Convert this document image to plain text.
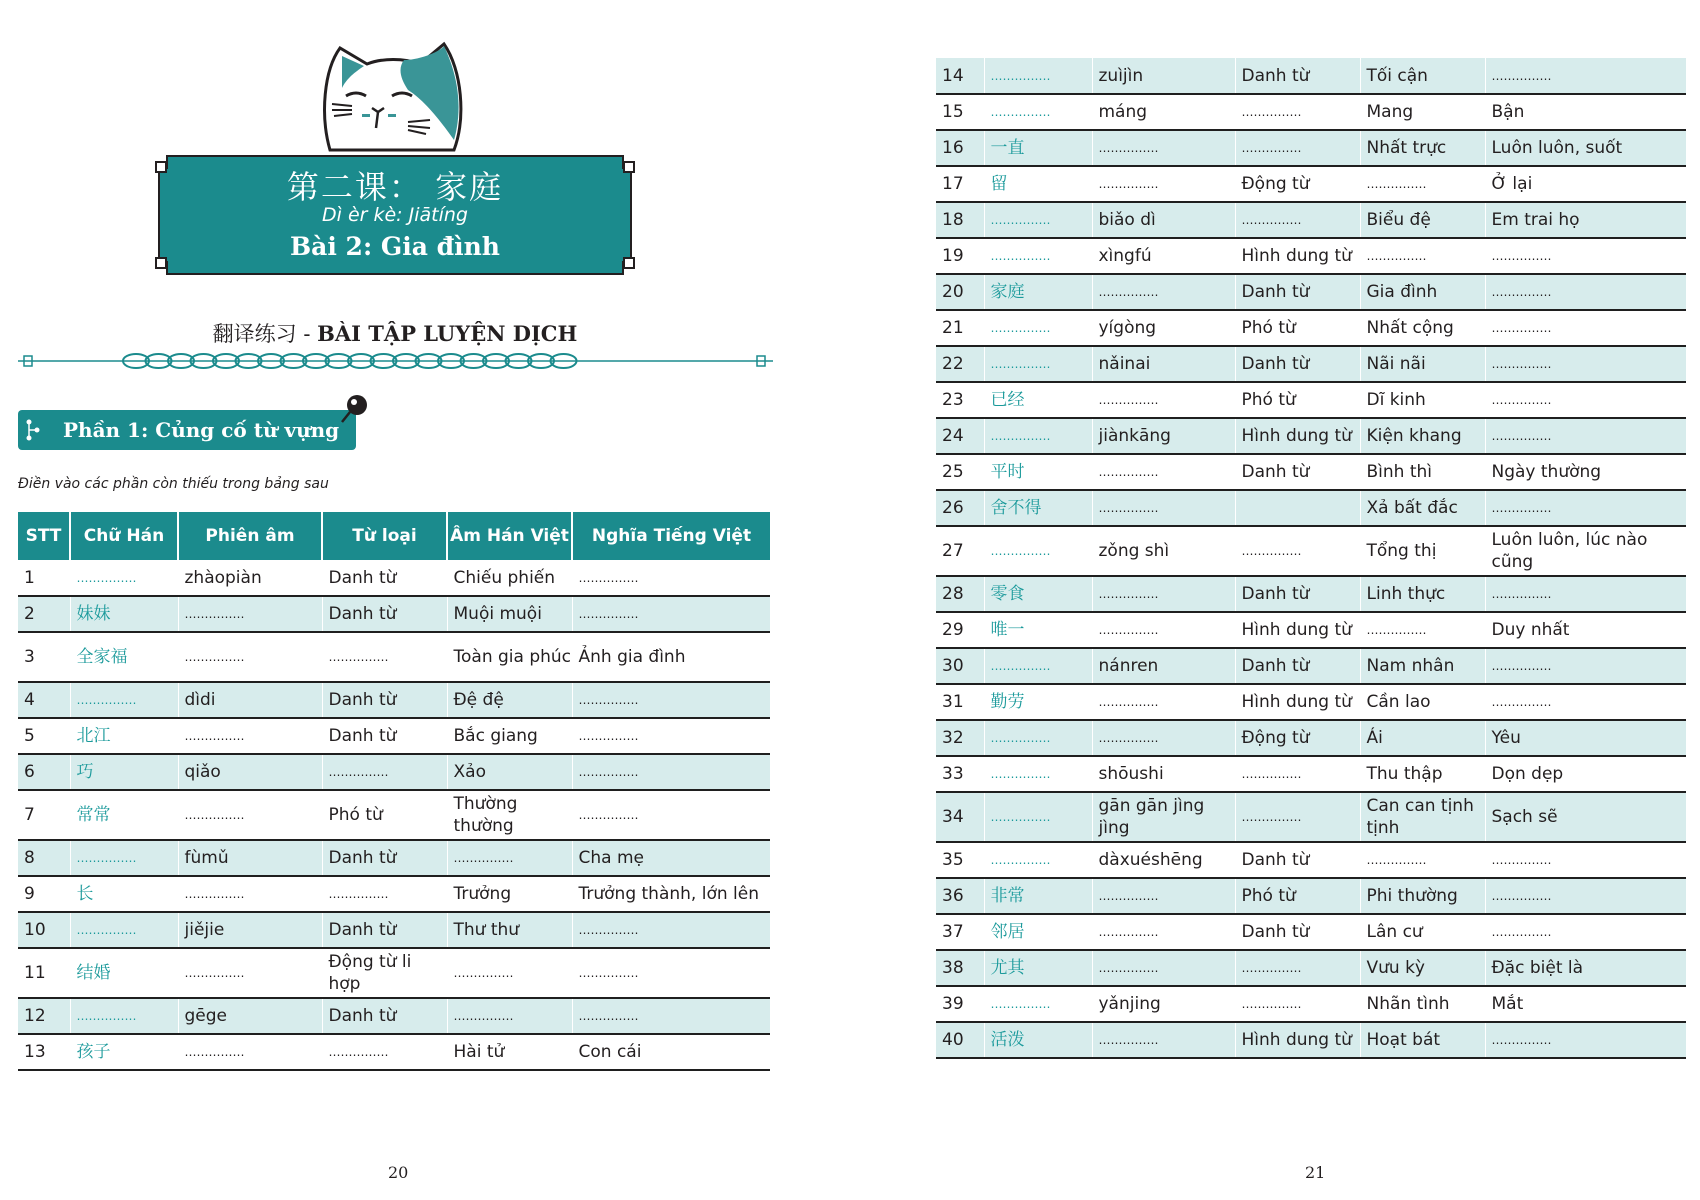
第二课： 家庭
Dì èr kè: Jiātíng
Bài 2: Gia đình
翻译练习 - BÀI TẬP LUYỆN DỊCH
Phần 1: Củng cố từ vựng
Điền vào các phần còn thiếu trong bảng sau
STT	Chữ Hán	Phiên âm	Từ loại	Âm Hán Việt	Nghĩa Tiếng Việt
1	……………	zhàopiàn	Danh từ	Chiếu phiến	……………
2	妹妹	……………	Danh từ	Muội muội	……………
3	全家福	……………	……………	Toàn gia phúc	Ảnh gia đình
4	……………	dìdi	Danh từ	Đệ đệ	……………
5	北江	……………	Danh từ	Bắc giang	……………
6	巧	qiǎo	……………	Xảo	……………
7	常常	……………	Phó từ	Thường thường	……………
8	……………	fùmǔ	Danh từ	……………	Cha mẹ
9	长	……………	……………	Trưởng	Trưởng thành, lớn lên
10	……………	jiějie	Danh từ	Thư thư	……………
11	结婚	……………	Động từ li hợp	……………	……………
12	……………	gēge	Danh từ	……………	……………
13	孩子	……………	……………	Hài tử	Con cái
20
14	……………	zuìjìn	Danh từ	Tối cận	……………
15	……………	máng	……………	Mang	Bận
16	一直	……………	……………	Nhất trực	Luôn luôn, suốt
17	留	……………	Động từ	……………	Ở lại
18	……………	biǎo dì	……………	Biểu đệ	Em trai họ
19	……………	xìngfú	Hình dung từ	……………	……………
20	家庭	……………	Danh từ	Gia đình	……………
21	……………	yígòng	Phó từ	Nhất cộng	……………
22	……………	nǎinai	Danh từ	Nãi nãi	……………
23	已经	……………	Phó từ	Dĩ kinh	……………
24	……………	jiànkāng	Hình dung từ	Kiện khang	……………
25	平时	……………	Danh từ	Bình thì	Ngày thường
26	舍不得	……………		Xả bất đắc	……………
27	……………	zǒng shì	……………	Tổng thị	Luôn luôn, lúc nào cũng
28	零食	……………	Danh từ	Linh thực	……………
29	唯一	……………	Hình dung từ	……………	Duy nhất
30	……………	nánren	Danh từ	Nam nhân	……………
31	勤劳	……………	Hình dung từ	Cần lao	……………
32	……………	……………	Động từ	Ái	Yêu
33	……………	shōushi	……………	Thu thập	Dọn dẹp
34	……………	gān gān jìng jìng	……………	Can can tịnh tịnh	Sạch sẽ
35	……………	dàxuéshēng	Danh từ	……………	……………
36	非常	……………	Phó từ	Phi thường	……………
37	邻居	……………	Danh từ	Lân cư	……………
38	尤其	……………	……………	Vưu kỳ	Đặc biệt là
39	……………	yǎnjing	……………	Nhãn tình	Mắt
40	活泼	……………	Hình dung từ	Hoạt bát	……………
21
